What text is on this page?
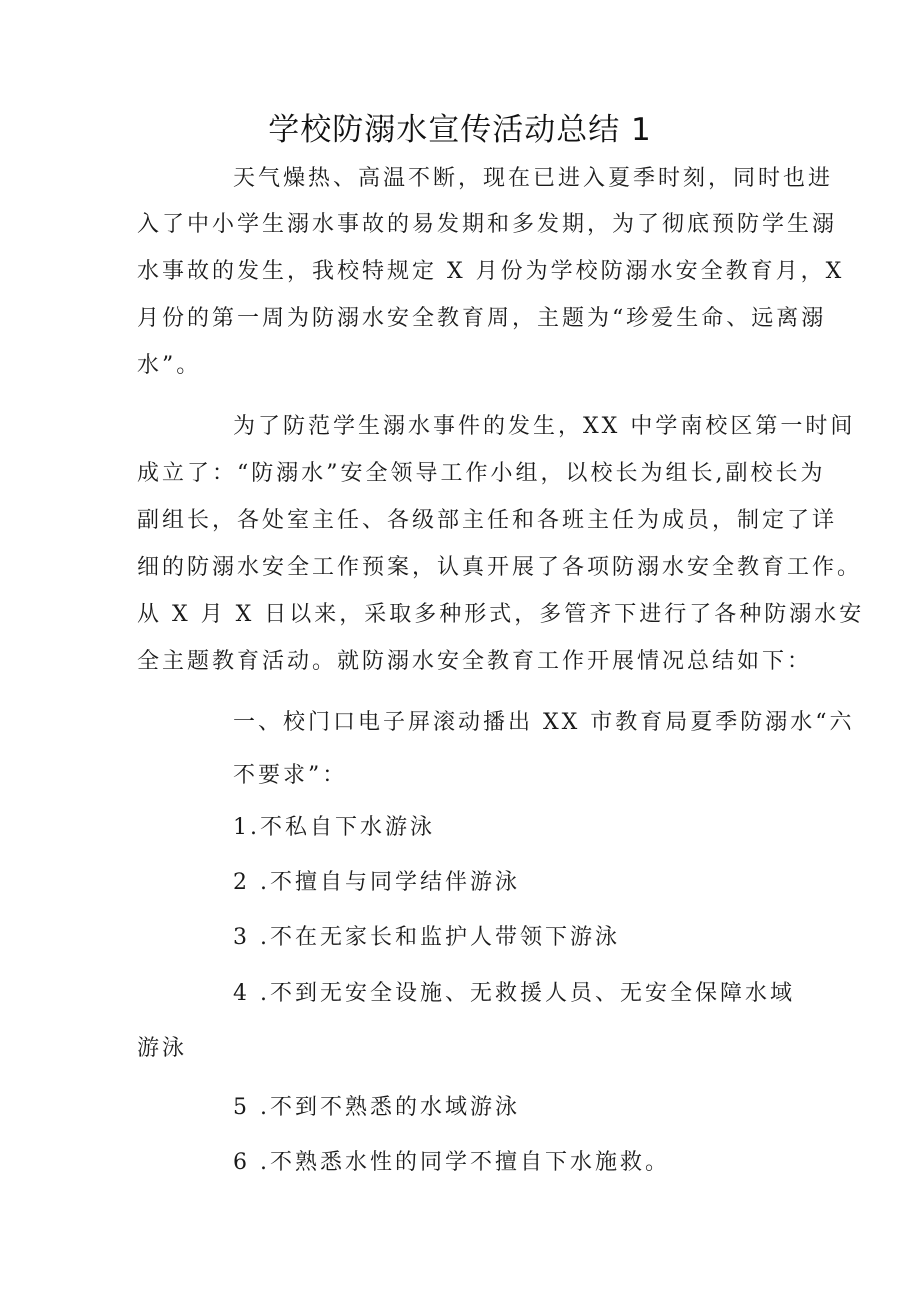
学校防溺水宣传活动总结 1
天气燥热、高温不断，现在已进入夏季时刻，同时也进
入了中小学生溺水事故的易发期和多发期，为了彻底预防学生溺
水事故的发生，我校特规定 X 月份为学校防溺水安全教育月，X
月份的第一周为防溺水安全教育周，主题为“珍爱生命、远离溺
水”。
为了防范学生溺水事件的发生，XX 中学南校区第一时间
成立了：“防溺水”安全领导工作小组，以校长为组长,副校长为
副组长，各处室主任、各级部主任和各班主任为成员，制定了详
细的防溺水安全工作预案，认真开展了各项防溺水安全教育工作。
从 X 月 X 日以来，采取多种形式，多管齐下进行了各种防溺水安
全主题教育活动。就防溺水安全教育工作开展情况总结如下：
一、校门口电子屏滚动播出 XX 市教育局夏季防溺水“六
不要求”：
1.不私自下水游泳
2 .不擅自与同学结伴游泳
3 .不在无家长和监护人带领下游泳
4 .不到无安全设施、无救援人员、无安全保障水域
游泳
5 .不到不熟悉的水域游泳
6 .不熟悉水性的同学不擅自下水施救。
